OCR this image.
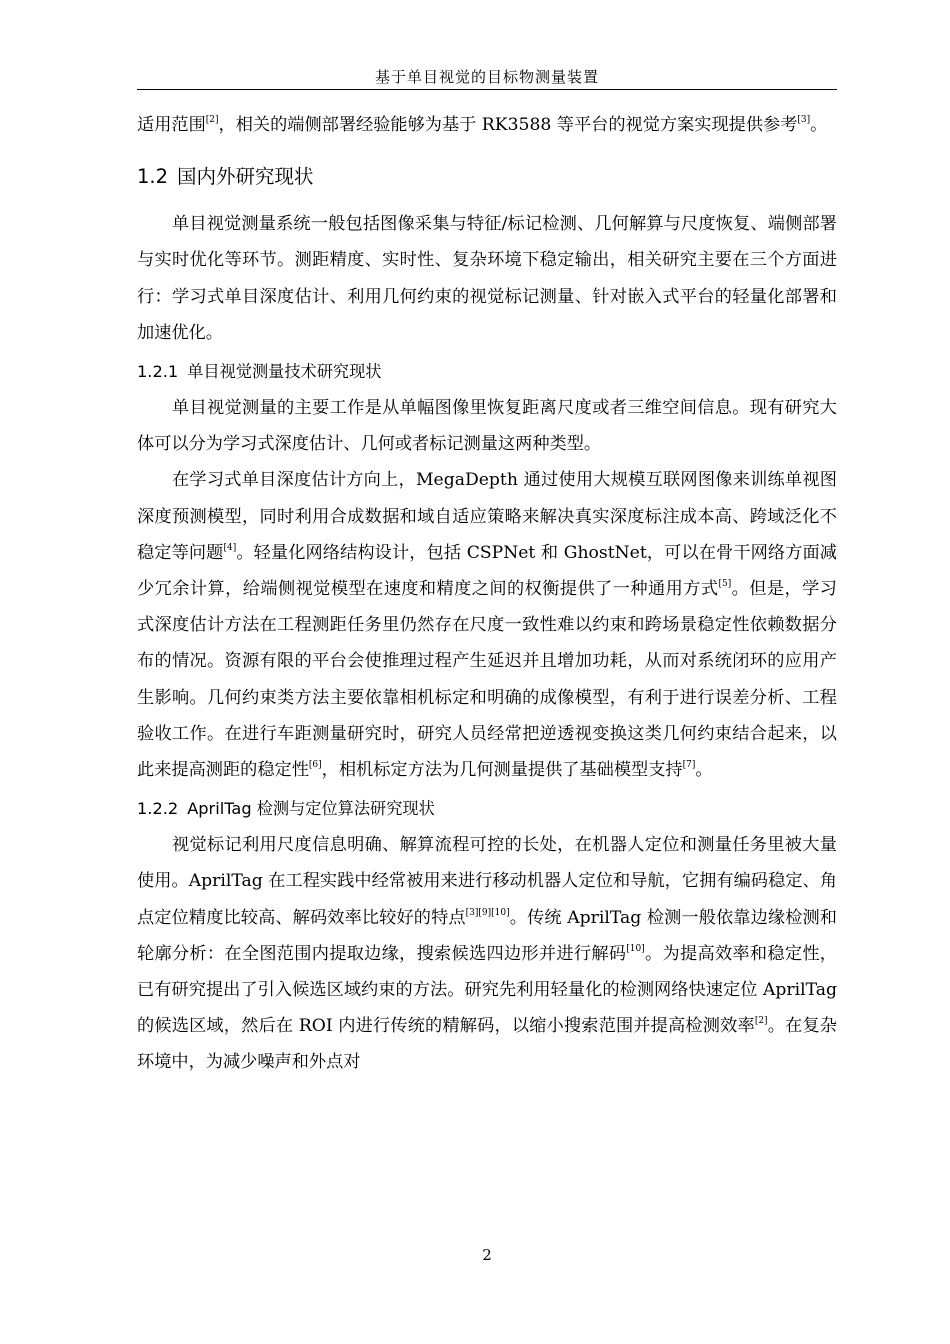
基于单目视觉的目标物测量装置

适用范围[2]，相关的端侧部署经验能够为基于 RK3588 等平台的视觉方案实现提供参考[3]。

1.2 国内外研究现状

单目视觉测量系统一般包括图像采集与特征/标记检测、几何解算与尺度恢复、端侧部署与实时优化等环节。测距精度、实时性、复杂环境下稳定输出，相关研究主要在三个方面进行：学习式单目深度估计、利用几何约束的视觉标记测量、针对嵌入式平台的轻量化部署和加速优化。

1.2.1 单目视觉测量技术研究现状

单目视觉测量的主要工作是从单幅图像里恢复距离尺度或者三维空间信息。现有研究大体可以分为学习式深度估计、几何或者标记测量这两种类型。

在学习式单目深度估计方向上，MegaDepth 通过使用大规模互联网图像来训练单视图深度预测模型，同时利用合成数据和域自适应策略来解决真实深度标注成本高、跨域泛化不稳定等问题[4]。轻量化网络结构设计，包括 CSPNet 和 GhostNet，可以在骨干网络方面减少冗余计算，给端侧视觉模型在速度和精度之间的权衡提供了一种通用方式[5]。但是，学习式深度估计方法在工程测距任务里仍然存在尺度一致性难以约束和跨场景稳定性依赖数据分布的情况。资源有限的平台会使推理过程产生延迟并且增加功耗，从而对系统闭环的应用产生影响。几何约束类方法主要依靠相机标定和明确的成像模型，有利于进行误差分析、工程验收工作。在进行车距测量研究时，研究人员经常把逆透视变换这类几何约束结合起来，以此来提高测距的稳定性[6]，相机标定方法为几何测量提供了基础模型支持[7]。

1.2.2 AprilTag 检测与定位算法研究现状

视觉标记利用尺度信息明确、解算流程可控的长处，在机器人定位和测量任务里被大量使用。AprilTag 在工程实践中经常被用来进行移动机器人定位和导航，它拥有编码稳定、角点定位精度比较高、解码效率比较好的特点[3][9][10]。传统 AprilTag 检测一般依靠边缘检测和轮廓分析：在全图范围内提取边缘，搜索候选四边形并进行解码[10]。为提高效率和稳定性，已有研究提出了引入候选区域约束的方法。研究先利用轻量化的检测网络快速定位 AprilTag 的候选区域，然后在 ROI 内进行传统的精解码，以缩小搜索范围并提高检测效率[2]。在复杂环境中，为减少噪声和外点对

2
